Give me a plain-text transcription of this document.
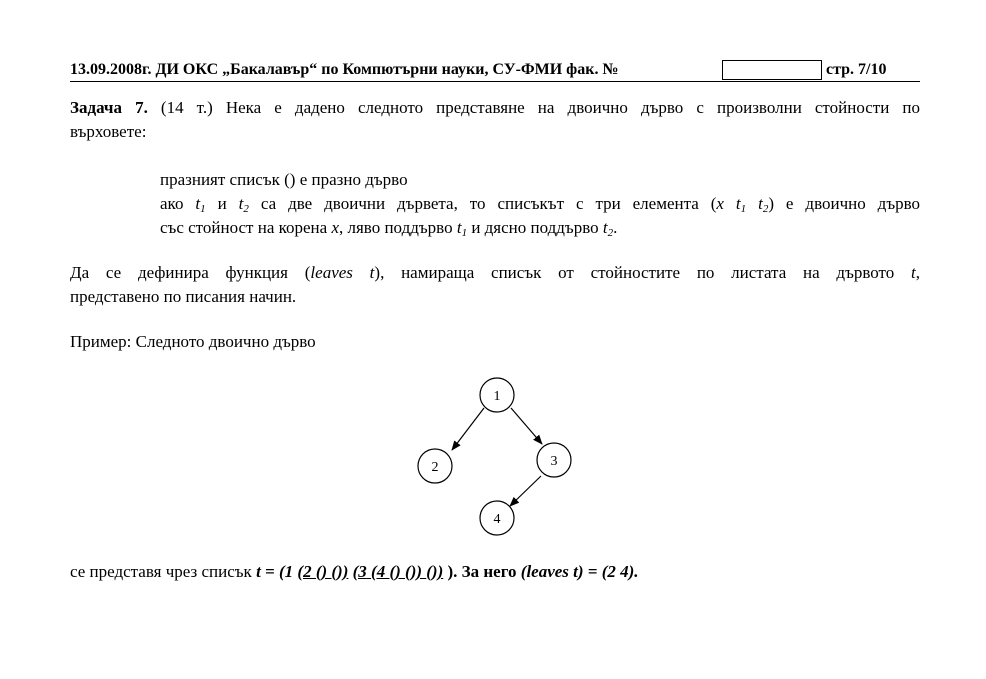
13.09.2008г. ДИ ОКС „Бакалавър“ по Компютърни науки, СУ-ФМИ фак. №	стр. 7/10
Задача 7. (14 т.) Нека е дадено следното представяне на двоично дърво с произволни стойности по
върховете:
празният списък () е празно дърво
ако $t_1$ и $t_2$ са две двоични дървета, то списъкът с три елемента (x $t_1$ $t_2$) е двоично дърво
със стойност на корена x, ляво поддърво $t_1$ и дясно поддърво $t_2$.
Да се дефинира функция (leaves t), намираща списък от стойностите по листата на дървото t,
представено по писания начин.
Пример: Следното двоично дърво
1
2	3
4
се представя чрез списък t = (1 (2 () ()) (3 (4 () ()) ()) ). За него (leaves t) = (2 4).
